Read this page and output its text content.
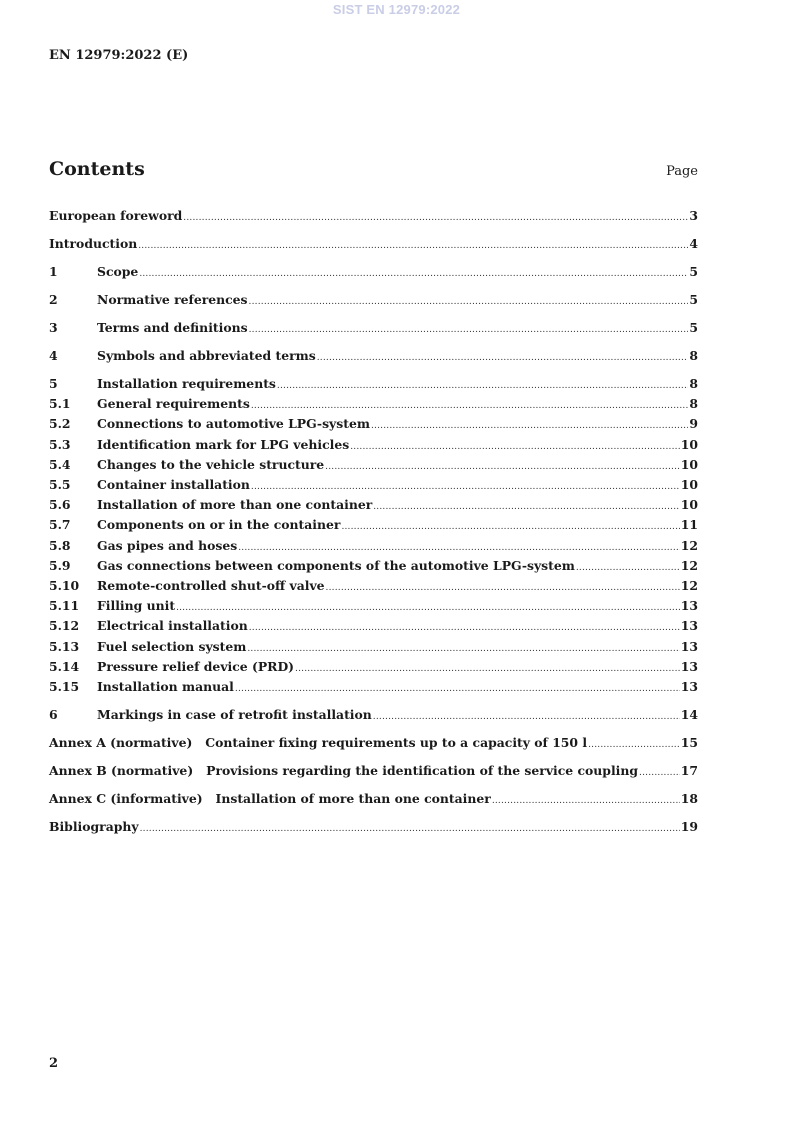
SIST EN 12979:2022
EN 12979:2022 (E)
Contents	Page
European foreword .....	3
Introduction .....	4
1	Scope .....	5
2	Normative references .....	5
3	Terms and definitions .....	5
4	Symbols and abbreviated terms .....	8
5	Installation requirements .....	8
5.1	General requirements .....	8
5.2	Connections to automotive LPG-system .....	9
5.3	Identification mark for LPG vehicles .....	10
5.4	Changes to the vehicle structure .....	10
5.5	Container installation .....	10
5.6	Installation of more than one container .....	10
5.7	Components on or in the container .....	11
5.8	Gas pipes and hoses .....	12
5.9	Gas connections between components of the automotive LPG-system .....	12
5.10	Remote-controlled shut-off valve .....	12
5.11	Filling unit .....	13
5.12	Electrical installation .....	13
5.13	Fuel selection system .....	13
5.14	Pressure relief device (PRD) .....	13
5.15	Installation manual .....	13
6	Markings in case of retrofit installation .....	14
Annex A (normative)   Container fixing requirements up to a capacity of 150 l .....	15
Annex B (normative)   Provisions regarding the identification of the service coupling .....	17
Annex C (informative)   Installation of more than one container .....	18
Bibliography .....	19
2
